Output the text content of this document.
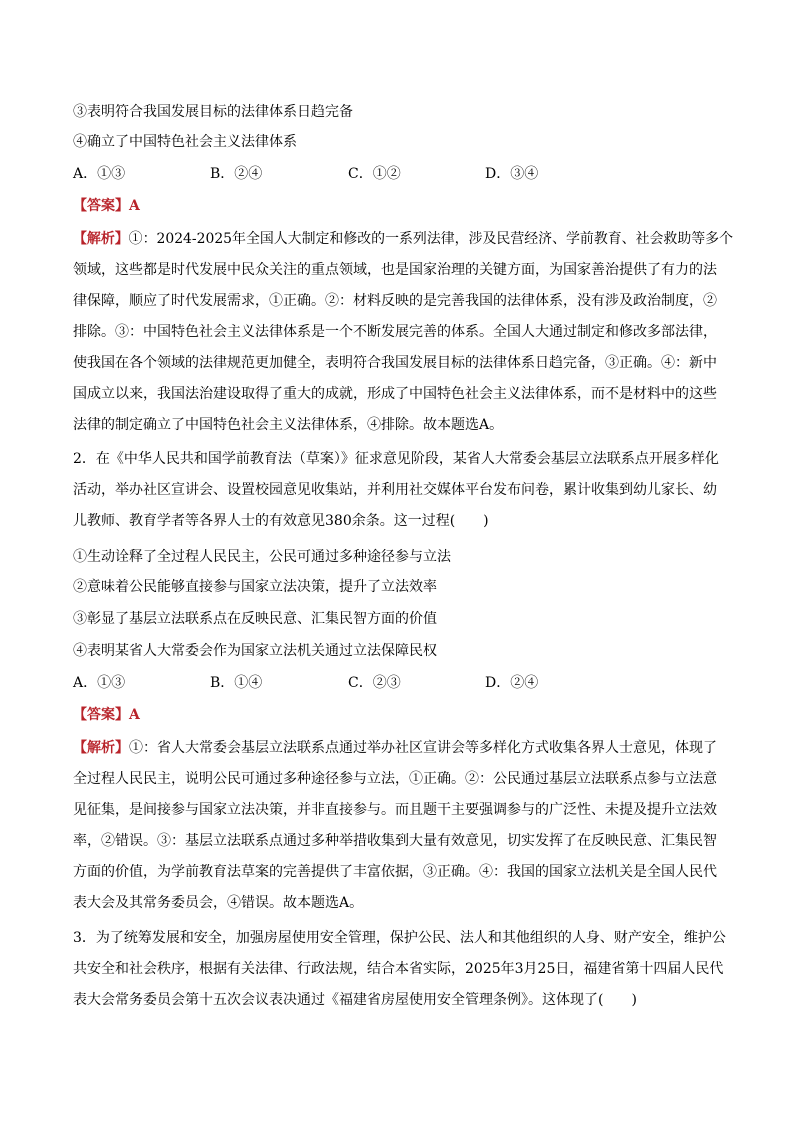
③表明符合我国发展目标的法律体系日趋完备
④确立了中国特色社会主义法律体系
A．①③	B．②④	C．①②	D．③④
【答案】A
【解析】①：2024-2025年全国人大制定和修改的一系列法律，涉及民营经济、学前教育、社会救助等多个
领域，这些都是时代发展中民众关注的重点领域，也是国家治理的关键方面，为国家善治提供了有力的法
律保障，顺应了时代发展需求，①正确。②：材料反映的是完善我国的法律体系，没有涉及政治制度，②
排除。③：中国特色社会主义法律体系是一个不断发展完善的体系。全国人大通过制定和修改多部法律，
使我国在各个领域的法律规范更加健全，表明符合我国发展目标的法律体系日趋完备，③正确。④：新中
国成立以来，我国法治建设取得了重大的成就，形成了中国特色社会主义法律体系，而不是材料中的这些
法律的制定确立了中国特色社会主义法律体系，④排除。故本题选A。
2．在《中华人民共和国学前教育法（草案）》征求意见阶段，某省人大常委会基层立法联系点开展多样化
活动，举办社区宣讲会、设置校园意见收集站，并利用社交媒体平台发布问卷，累计收集到幼儿家长、幼
儿教师、教育学者等各界人士的有效意见380余条。这一过程(　　)
①生动诠释了全过程人民民主，公民可通过多种途径参与立法
②意味着公民能够直接参与国家立法决策，提升了立法效率
③彰显了基层立法联系点在反映民意、汇集民智方面的价值
④表明某省人大常委会作为国家立法机关通过立法保障民权
A．①③	B．①④	C．②③	D．②④
【答案】A
【解析】①：省人大常委会基层立法联系点通过举办社区宣讲会等多样化方式收集各界人士意见，体现了
全过程人民民主，说明公民可通过多种途径参与立法，①正确。②：公民通过基层立法联系点参与立法意
见征集，是间接参与国家立法决策，并非直接参与。而且题干主要强调参与的广泛性、未提及提升立法效
率，②错误。③：基层立法联系点通过多种举措收集到大量有效意见，切实发挥了在反映民意、汇集民智
方面的价值，为学前教育法草案的完善提供了丰富依据，③正确。④：我国的国家立法机关是全国人民代
表大会及其常务委员会，④错误。故本题选A。
3．为了统筹发展和安全，加强房屋使用安全管理，保护公民、法人和其他组织的人身、财产安全，维护公
共安全和社会秩序，根据有关法律、行政法规，结合本省实际，2025年3月25日，福建省第十四届人民代
表大会常务委员会第十五次会议表决通过《福建省房屋使用安全管理条例》。这体现了(　　)
